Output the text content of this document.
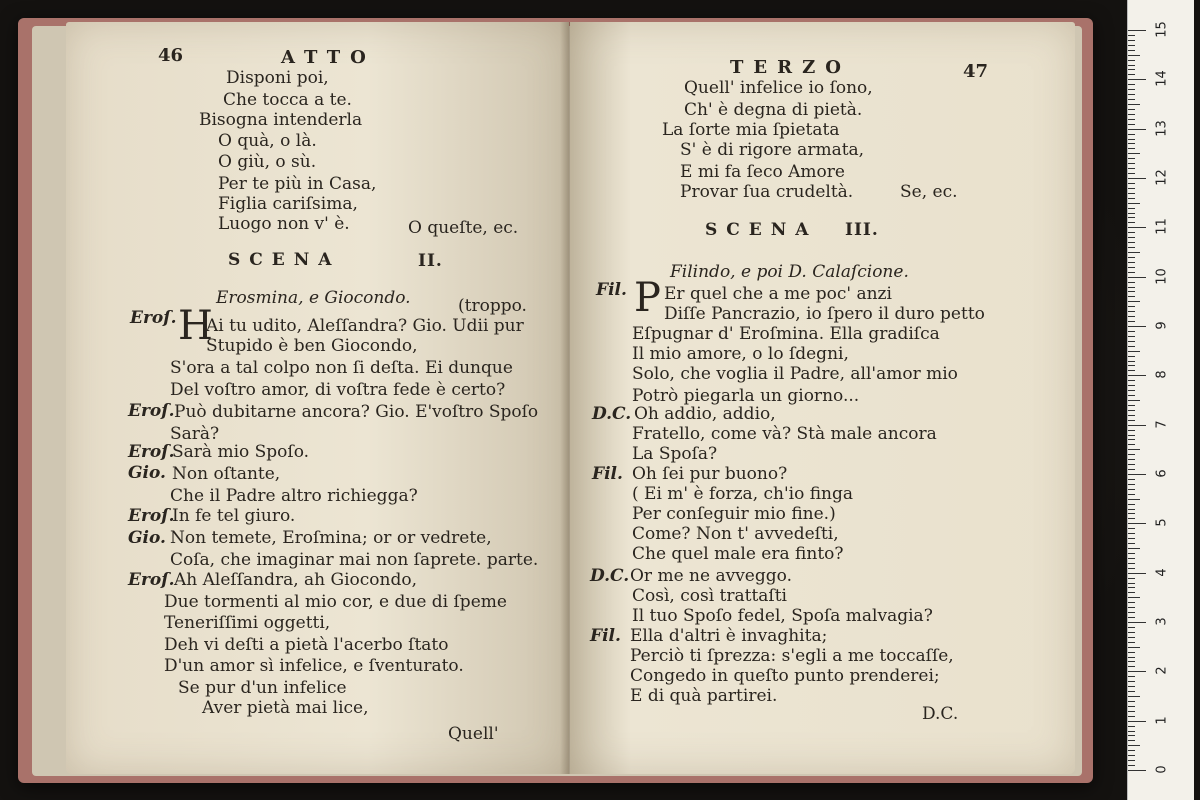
46	ATTO
Disponi poi,
Che tocca a te.
Bisogna intenderla
O quà, o là.
O giù, o sù.
Per te più in Casa,
Figlia cariſsima,
Luogo non v' è.	O queſte, ec.
SCENA	II.
Erosmina, e Giocondo.	(troppo.
Eroſ. H
Ai tu udito, Aleſſandra? Gio. Udii pur
Stupido è ben Giocondo,
S'ora a tal colpo non ſi deſta. Ei dunque
Del voſtro amor, di voſtra fede è certo?
Eroſ. Può dubitarne ancora? Gio. E'voſtro Spoſo
Sarà?
Eroſ.
Sarà mio Spoſo.
Gio. Non oſtante,
Che il Padre altro richiegga?
Eroſ.
In fe tel giuro.
Gio. Non temete, Eroſmina; or or vedrete,
Coſa, che imaginar mai non ſaprete. parte.
Eroſ. Ah Aleſſandra, ah Giocondo,
Due tormenti al mio cor, e due di ſpeme
Teneriſſimi oggetti,
Deh vi deſti a pietà l'acerbo ſtato
D'un amor sì infelice, e ſventurato.
Se pur d'un infelice
Aver pietà mai lice,
Quell'
TERZO	47
Quell' infelice io ſono,
Ch' è degna di pietà.
La ſorte mia ſpietata
S' è di rigore armata,
E mi fa ſeco Amore
Provar ſua crudeltà.	Se, ec.
SCENA III.
Filindo, e poi D. Calaſcione.
Fil. P Er quel che a me poc' anzi
Diſſe Pancrazio, io ſpero il duro petto
Eſpugnar d' Eroſmina. Ella gradiſca
Il mio amore, o lo ſdegni,
Solo, che voglia il Padre, all'amor mio
Potrò piegarla un giorno...
D.C. Oh addio, addio,
Fratello, come và? Stà male ancora
La Spoſa?
Fil. Oh ſei pur buono?
( Ei m' è forza, ch'io finga
Per conſeguir mio fine.)
Come? Non t' avvedeſti,
Che quel male era finto?
D.C. Or me ne avveggo.
Così, così trattaſti
Il tuo Spoſo fedel, Spoſa malvagia?
Fil. Ella d'altri è invaghita;
Perciò ti ſprezza: s'egli a me toccaſſe,
Congedo in queſto punto prenderei;
E di quà partirei.
D.C.
15
14
13
12
11
10
9
8
7
6
5
4
3
2
1
0
